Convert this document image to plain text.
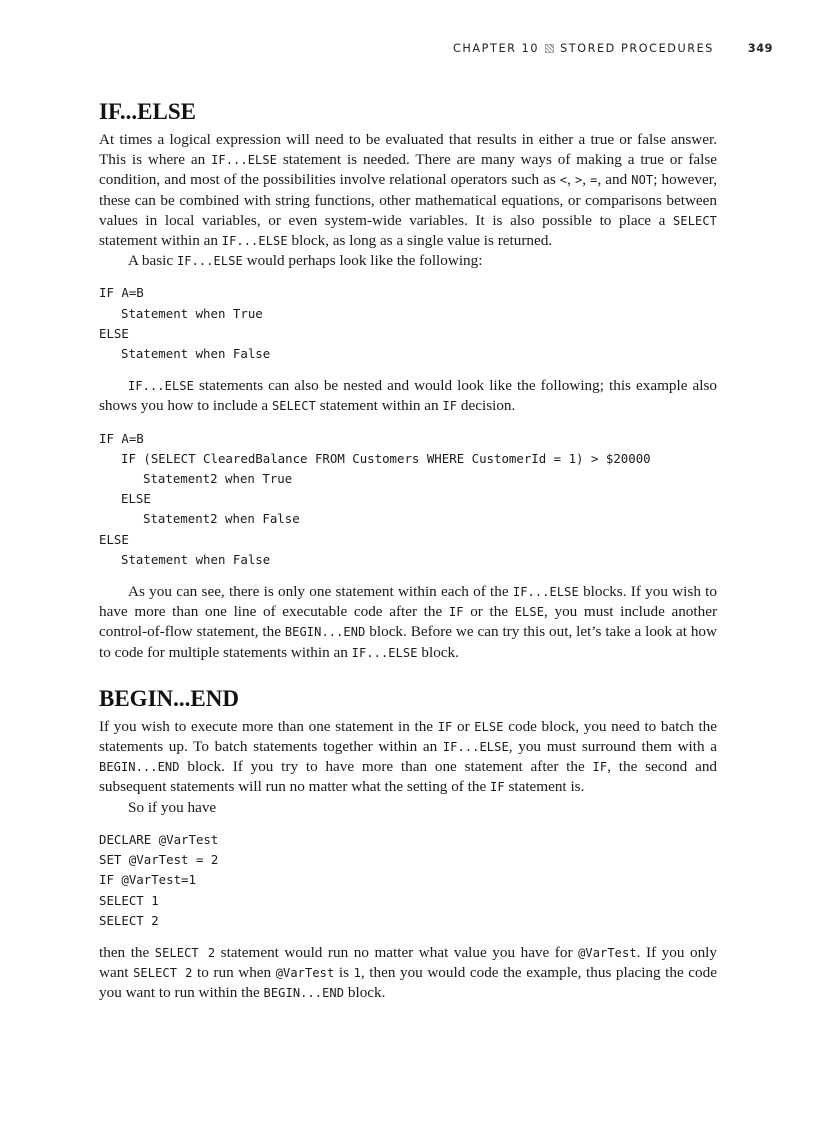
CHAPTER 10 STORED PROCEDURES	349
IF...ELSE

At times a logical expression will need to be evaluated that results in either a true or false answer. This is where an IF...ELSE statement is needed. There are many ways of making a true or false condition, and most of the possibilities involve relational operators such as <, >, =, and NOT; however, these can be combined with string functions, other mathematical equations, or comparisons between values in local variables, or even system-wide variables. It is also possible to place a SELECT statement within an IF...ELSE block, as long as a single value is returned.

A basic IF...ELSE would perhaps look like the following:

IF A=B
Statement when True
ELSE
Statement when False

IF...ELSE statements can also be nested and would look like the following; this example also shows you how to include a SELECT statement within an IF decision.

IF A=B
IF (SELECT ClearedBalance FROM Customers WHERE CustomerId = 1) > $20000
Statement2 when True
ELSE
Statement2 when False
ELSE
Statement when False

As you can see, there is only one statement within each of the IF...ELSE blocks. If you wish to have more than one line of executable code after the IF or the ELSE, you must include another control-of-flow statement, the BEGIN...END block. Before we can try this out, let’s take a look at how to code for multiple statements within an IF...ELSE block.

BEGIN...END

If you wish to execute more than one statement in the IF or ELSE code block, you need to batch the statements up. To batch statements together within an IF...ELSE, you must surround them with a BEGIN...END block. If you try to have more than one statement after the IF, the second and subsequent statements will run no matter what the setting of the IF statement is.

So if you have

DECLARE @VarTest
SET @VarTest = 2
IF @VarTest=1
SELECT 1
SELECT 2

then the SELECT 2 statement would run no matter what value you have for @VarTest. If you only want SELECT 2 to run when @VarTest is 1, then you would code the example, thus placing the code you want to run within the BEGIN...END block.
